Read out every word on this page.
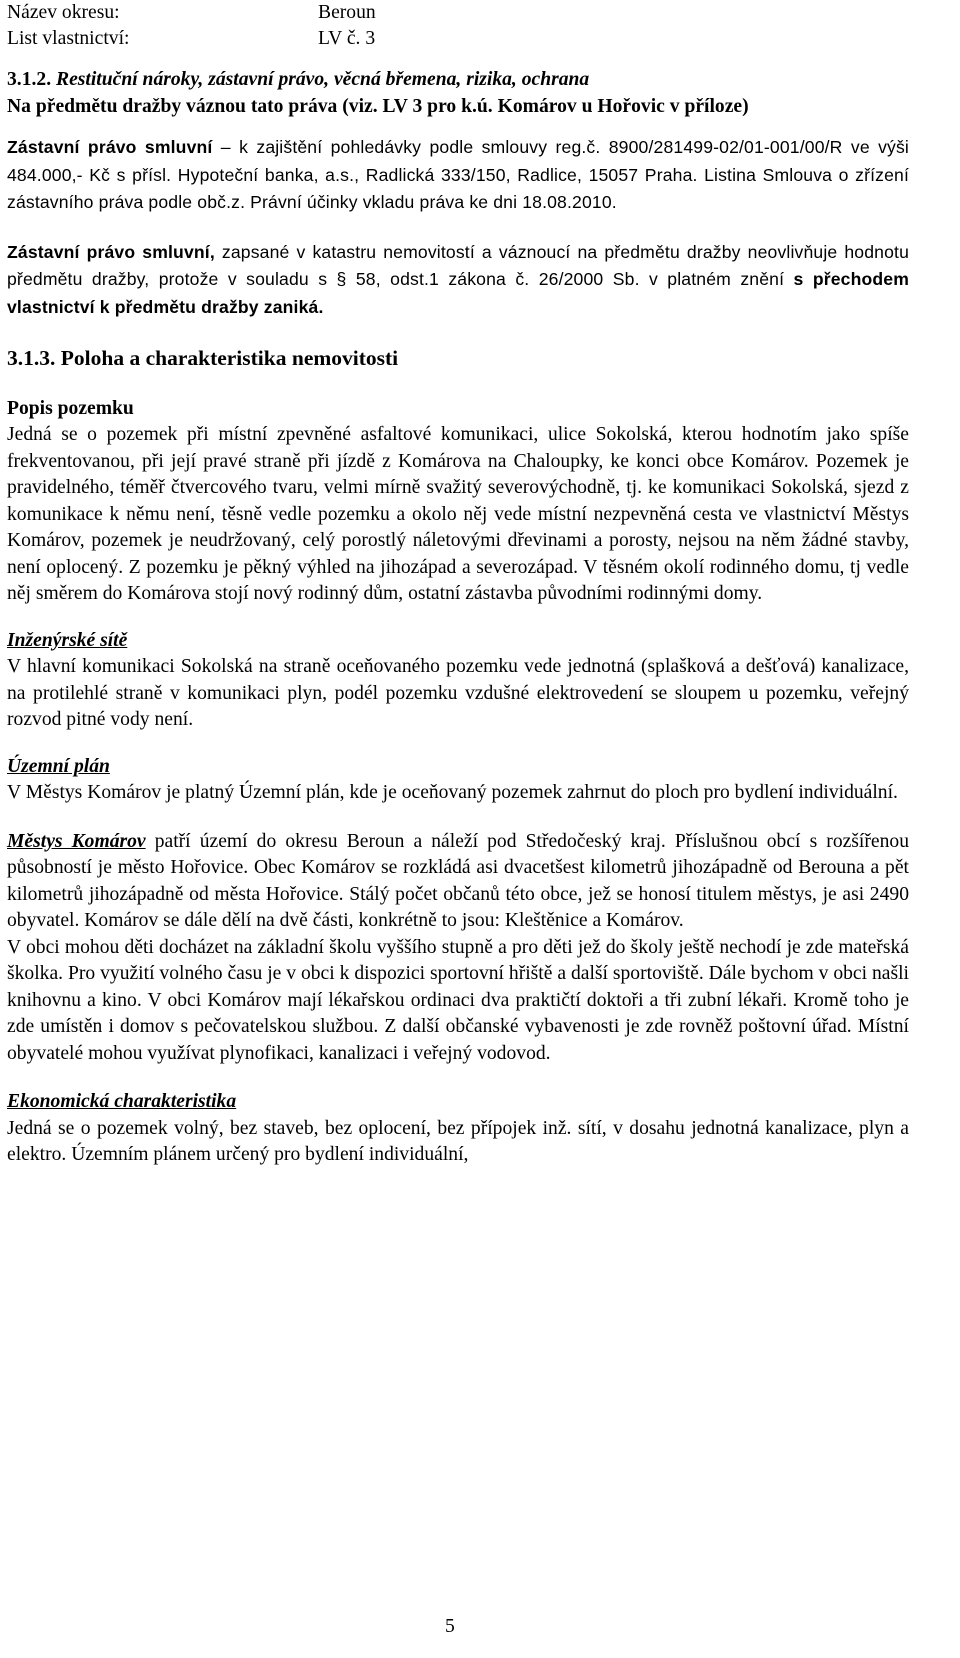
Název okresu:	Beroun
List vlastnictví:	LV č. 3
3.1.2. Restituční nároky, zástavní právo, věcná břemena, rizika, ochrana

Na předmětu dražby váznou tato práva (viz. LV 3 pro k.ú. Komárov u Hořovic v příloze)

Zástavní právo smluvní – k zajištění pohledávky podle smlouvy reg.č. 8900/281499-02/01-001/00/R ve výši 484.000,- Kč s přísl. Hypoteční banka, a.s., Radlická 333/150, Radlice, 15057 Praha. Listina Smlouva o zřízení zástavního práva podle obč.z. Právní účinky vkladu práva ke dni 18.08.2010.

Zástavní právo smluvní, zapsané v katastru nemovitostí a váznoucí na předmětu dražby neovlivňuje hodnotu předmětu dražby, protože v souladu s § 58, odst.1 zákona č. 26/2000 Sb. v platném znění s přechodem vlastnictví k předmětu dražby zaniká.

3.1.3. Poloha a charakteristika nemovitosti

Popis pozemku

Jedná se o pozemek při místní zpevněné asfaltové komunikaci, ulice Sokolská, kterou hodnotím jako spíše frekventovanou, při její pravé straně při jízdě z Komárova na Chaloupky, ke konci obce Komárov. Pozemek je pravidelného, téměř čtvercového tvaru, velmi mírně svažitý severovýchodně, tj. ke komunikaci Sokolská, sjezd z komunikace k němu není, těsně vedle pozemku a okolo něj vede místní nezpevněná cesta ve vlastnictví Městys Komárov, pozemek je neudržovaný, celý porostlý náletovými dřevinami a porosty, nejsou na něm žádné stavby, není oplocený. Z pozemku je pěkný výhled na jihozápad a severozápad. V těsném okolí rodinného domu, tj vedle něj směrem do Komárova stojí nový rodinný dům, ostatní zástavba původními rodinnými domy.

Inženýrské sítě

V hlavní komunikaci Sokolská na straně oceňovaného pozemku vede jednotná (splašková a dešťová) kanalizace, na protilehlé straně v komunikaci plyn, podél pozemku vzdušné elektrovedení se sloupem u pozemku, veřejný rozvod pitné vody není.

Územní plán

V Městys Komárov je platný Územní plán, kde je oceňovaný pozemek zahrnut do ploch pro bydlení individuální.

Městys Komárov patří území do okresu Beroun a náleží pod Středočeský kraj. Příslušnou obcí s rozšířenou působností je město Hořovice. Obec Komárov se rozkládá asi dvacetšest kilometrů jihozápadně od Berouna a pět kilometrů jihozápadně od města Hořovice. Stálý počet občanů této obce, jež se honosí titulem městys, je asi 2490 obyvatel. Komárov se dále dělí na dvě části, konkrétně to jsou: Kleštěnice a Komárov.

V obci mohou děti docházet na základní školu vyššího stupně a pro děti jež do školy ještě nechodí je zde mateřská školka. Pro využití volného času je v obci k dispozici sportovní hřiště a další sportoviště. Dále bychom v obci našli knihovnu a kino. V obci Komárov mají lékařskou ordinaci dva praktičtí doktoři a tři zubní lékaři. Kromě toho je zde umístěn i domov s pečovatelskou službou. Z další občanské vybavenosti je zde rovněž poštovní úřad. Místní obyvatelé mohou využívat plynofikaci, kanalizaci i veřejný vodovod.

Ekonomická charakteristika

Jedná se o pozemek volný, bez staveb, bez oplocení, bez přípojek inž. sítí, v dosahu jednotná kanalizace, plyn a elektro. Územním plánem určený pro bydlení individuální,

5
